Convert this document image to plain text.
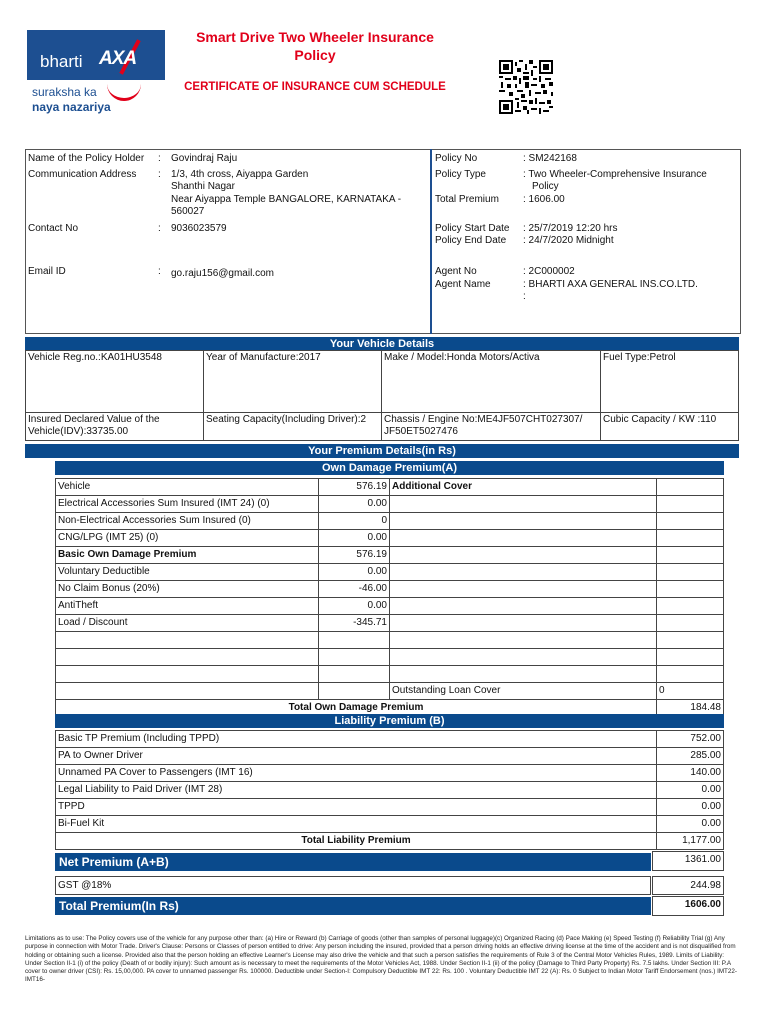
bharti AXA
suraksha ka
naya nazariya
Smart Drive Two Wheeler Insurance Policy
CERTIFICATE OF INSURANCE CUM SCHEDULE
Name of the Policy Holder : Govindraj Raju
Communication Address : 1/3, 4th cross, Aiyappa Garden
Shanthi Nagar
Near Aiyappa Temple BANGALORE, KARNATAKA -
560027
Contact No	: 9036023579
Email ID	: go.raju156@gmail.com
Policy No	: SM242168
Policy Type	: Two Wheeler-Comprehensive Insurance
Policy
Total Premium : 1606.00
Policy Start Date : 25/7/2019 12:20 hrs
Policy End Date : 24/7/2020 Midnight
Agent No	: 2C000002
Agent Name	: BHARTI AXA GENERAL INS.CO.LTD.
:
Your Vehicle Details
Vehicle Reg.no.:KA01HU3548	Year of Manufacture:2017	Make / Model:Honda Motors/Activa	Fuel Type:Petrol
Insured Declared Value of the Vehicle(IDV):33735.00	Seating Capacity(Including Driver):2	Chassis / Engine No:ME4JF507CHT027307/ JF50ET5027476	Cubic Capacity / KW :110
Your Premium Details(in Rs)
Own Damage Premium(A)
Vehicle	576.19	Additional Cover	
Electrical Accessories Sum Insured (IMT 24) (0)	0.00		
Non-Electrical Accessories Sum Insured (0)	0		
CNG/LPG (IMT 25) (0)	0.00		
Basic Own Damage Premium	576.19		
Voluntary Deductible	0.00		
No Claim Bonus (20%)	-46.00		
AntiTheft	0.00		
Load / Discount	-345.71		

		Outstanding Loan Cover	0
Total Own Damage Premium			184.48
Liability Premium (B)
Basic TP Premium (Including TPPD)	752.00
PA to Owner Driver	285.00
Unnamed PA Cover to Passengers (IMT 16)	140.00
Legal Liability to Paid Driver (IMT 28)	0.00
TPPD	0.00
Bi-Fuel Kit	0.00
Total Liability Premium	1,177.00
Net Premium (A+B)	1361.00
GST @18%	244.98
Total Premium(In Rs)	1606.00
Limitations as to use: The Policy covers use of the vehicle for any purpose other than: (a) Hire or Reward (b) Carriage of goods (other than samples of personal luggage)(c) Organized Racing (d) Pace Making (e) Speed Testing (f) Reliability Trial (g) Any purpose in connection with Motor Trade. Driver's Clause: Persons or Classes of person entitled to drive: Any person including the insured, provided that a person driving holds an effective driving license at the time of the accident and is not disqualified from holding or obtaining such a license. Provided also that the person holding an effective Learner's License may also drive the vehicle and that such a person satisfies the requirements of Rule 3 of the Central Motor Vehicles Rules, 1989. Limits of Liability: Under Section II-1 (i) of the policy (Death of or bodily injury): Such amount as is necessary to meet the requirements of the Motor Vehicles Act, 1988. Under Section II-1 (ii) of the policy (Damage to Third Party Property) Rs. 7.5 lakhs. Under Section III: P.A cover to owner driver (CSI): Rs. 15,00,000. PA cover to unnamed passenger Rs. 100000. Deductible under Section-I: Compulsory Deductible IMT 22: Rs. 100 . Voluntary Deductible IMT 22 (A): Rs. 0 Subject to Indian Motor Tariff Endorsement (nos.) IMT22-IMT16-
